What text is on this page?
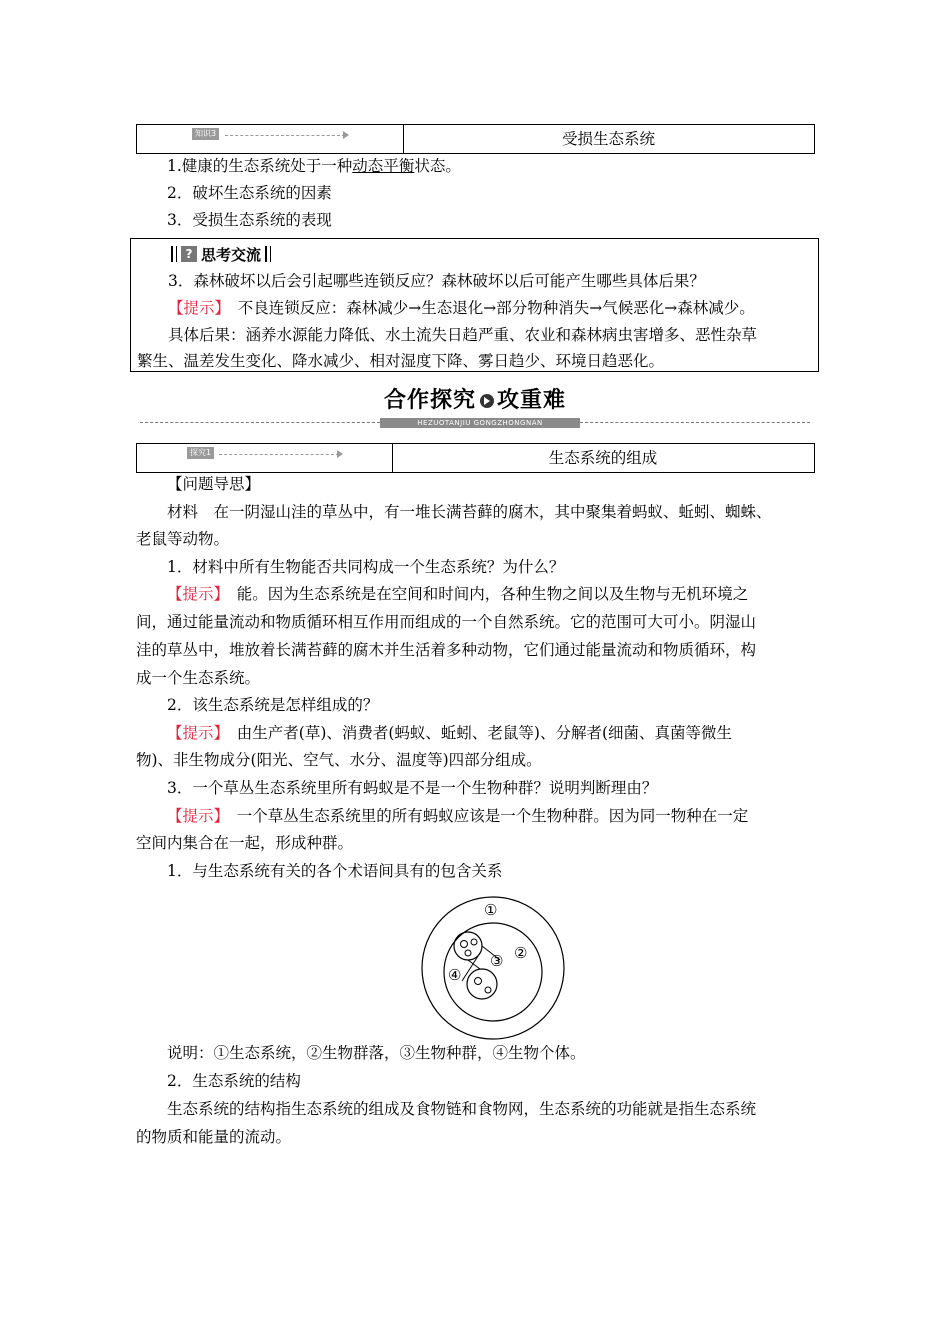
知识3	受损生态系统
1.健康的生态系统处于一种动态平衡状态。
2．破坏生态系统的因素
3．受损生态系统的表现
? 思考交流
3．森林破坏以后会引起哪些连锁反应？森林破坏以后可能产生哪些具体后果？
【提示】　不良连锁反应：森林减少→生态退化→部分物种消失→气候恶化→森林减少。
具体后果：涵养水源能力降低、水土流失日趋严重、农业和森林病虫害增多、恶性杂草
繁生、温差发生变化、降水减少、相对湿度下降、雾日趋少、环境日趋恶化。
合作探究 攻重难
HEZUOTANJIU GONGZHONGNAN
探究1	生态系统的组成
【问题导思】
材料　在一阴湿山洼的草丛中，有一堆长满苔藓的腐木，其中聚集着蚂蚁、蚯蚓、蜘蛛、
老鼠等动物。
1．材料中所有生物能否共同构成一个生态系统？为什么？
【提示】　能。因为生态系统是在空间和时间内，各种生物之间以及生物与无机环境之
间，通过能量流动和物质循环相互作用而组成的一个自然系统。它的范围可大可小。阴湿山
洼的草丛中，堆放着长满苔藓的腐木并生活着多种动物，它们通过能量流动和物质循环，构
成一个生态系统。
2．该生态系统是怎样组成的？
【提示】　由生产者(草)、消费者(蚂蚁、蚯蚓、老鼠等)、分解者(细菌、真菌等微生
物)、非生物成分(阳光、空气、水分、温度等)四部分组成。
3．一个草丛生态系统里所有蚂蚁是不是一个生物种群？说明判断理由？
【提示】　一个草丛生态系统里的所有蚂蚁应该是一个生物种群。因为同一物种在一定
空间内集合在一起，形成种群。
1．与生态系统有关的各个术语间具有的包含关系
①
②
③
④
说明：①生态系统，②生物群落，③生物种群，④生物个体。
2．生态系统的结构
生态系统的结构指生态系统的组成及食物链和食物网，生态系统的功能就是指生态系统
的物质和能量的流动。
